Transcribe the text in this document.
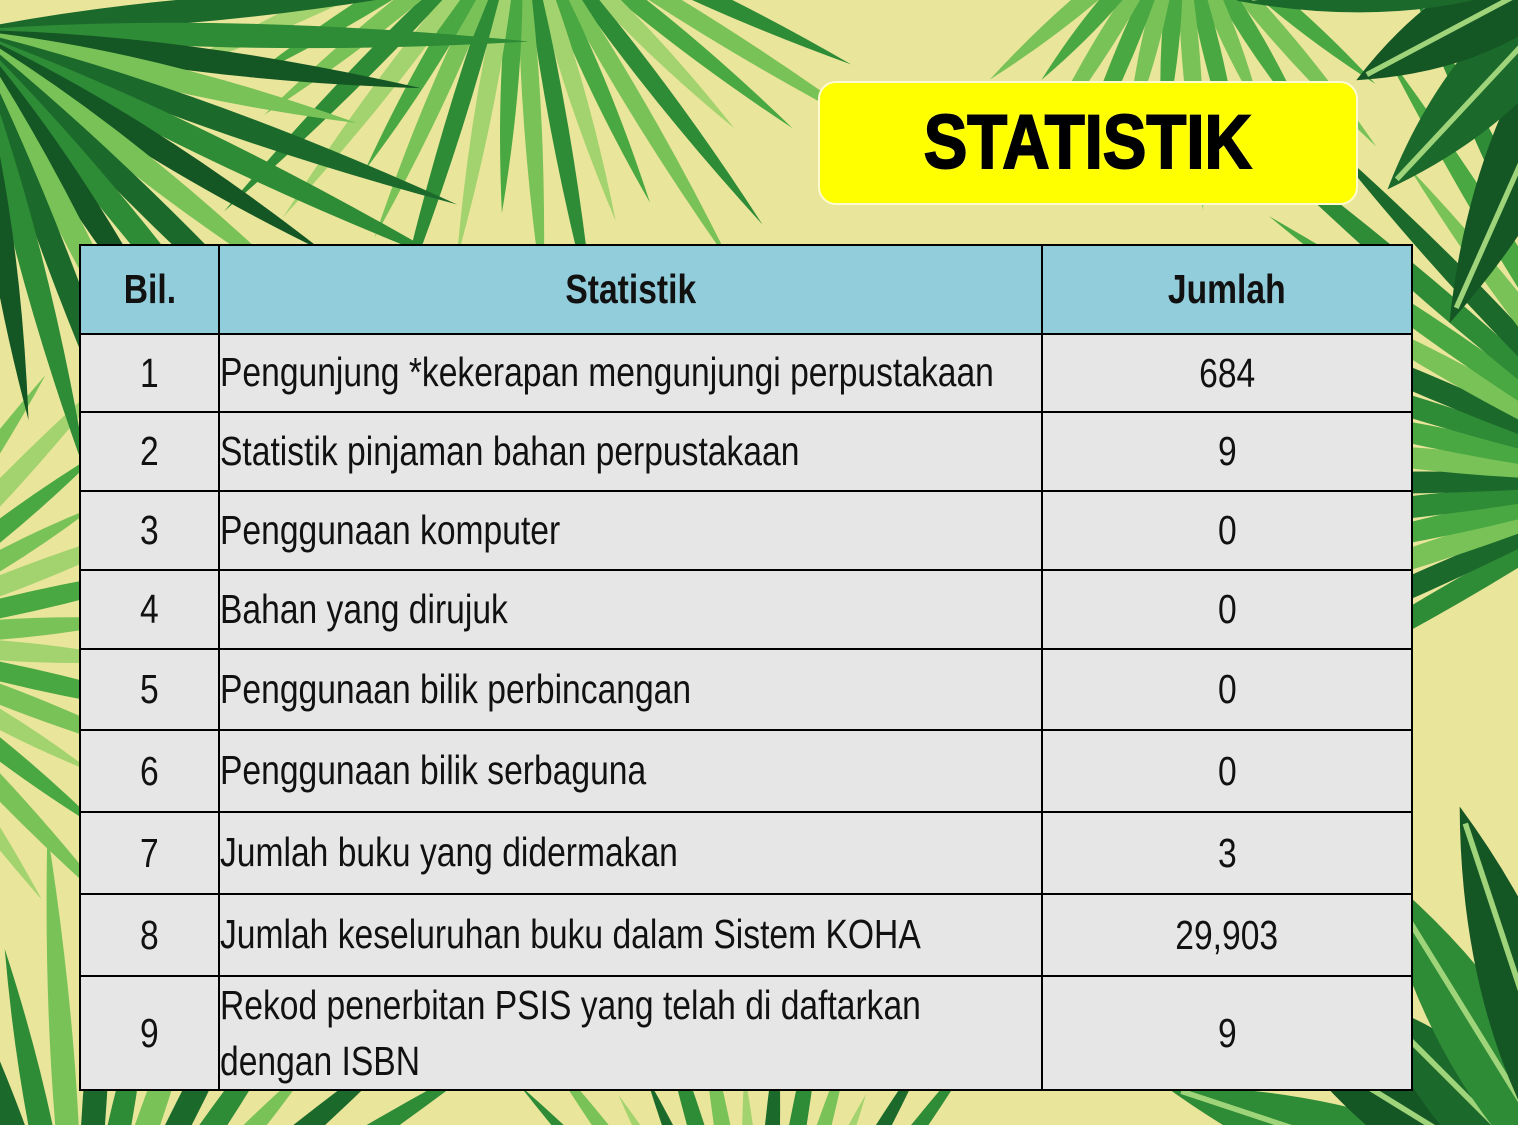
STATISTIK
Bil.	Statistik	Jumlah
1	Pengunjung *kekerapan mengunjungi perpustakaan	684
2	Statistik pinjaman bahan perpustakaan	9
3	Penggunaan komputer	0
4	Bahan yang dirujuk	0
5	Penggunaan bilik perbincangan	0
6	Penggunaan bilik serbaguna	0
7	Jumlah buku yang didermakan	3
8	Jumlah keseluruhan buku dalam Sistem KOHA	29,903
9	Rekod penerbitan PSIS yang telah di daftarkan dengan ISBN	9
